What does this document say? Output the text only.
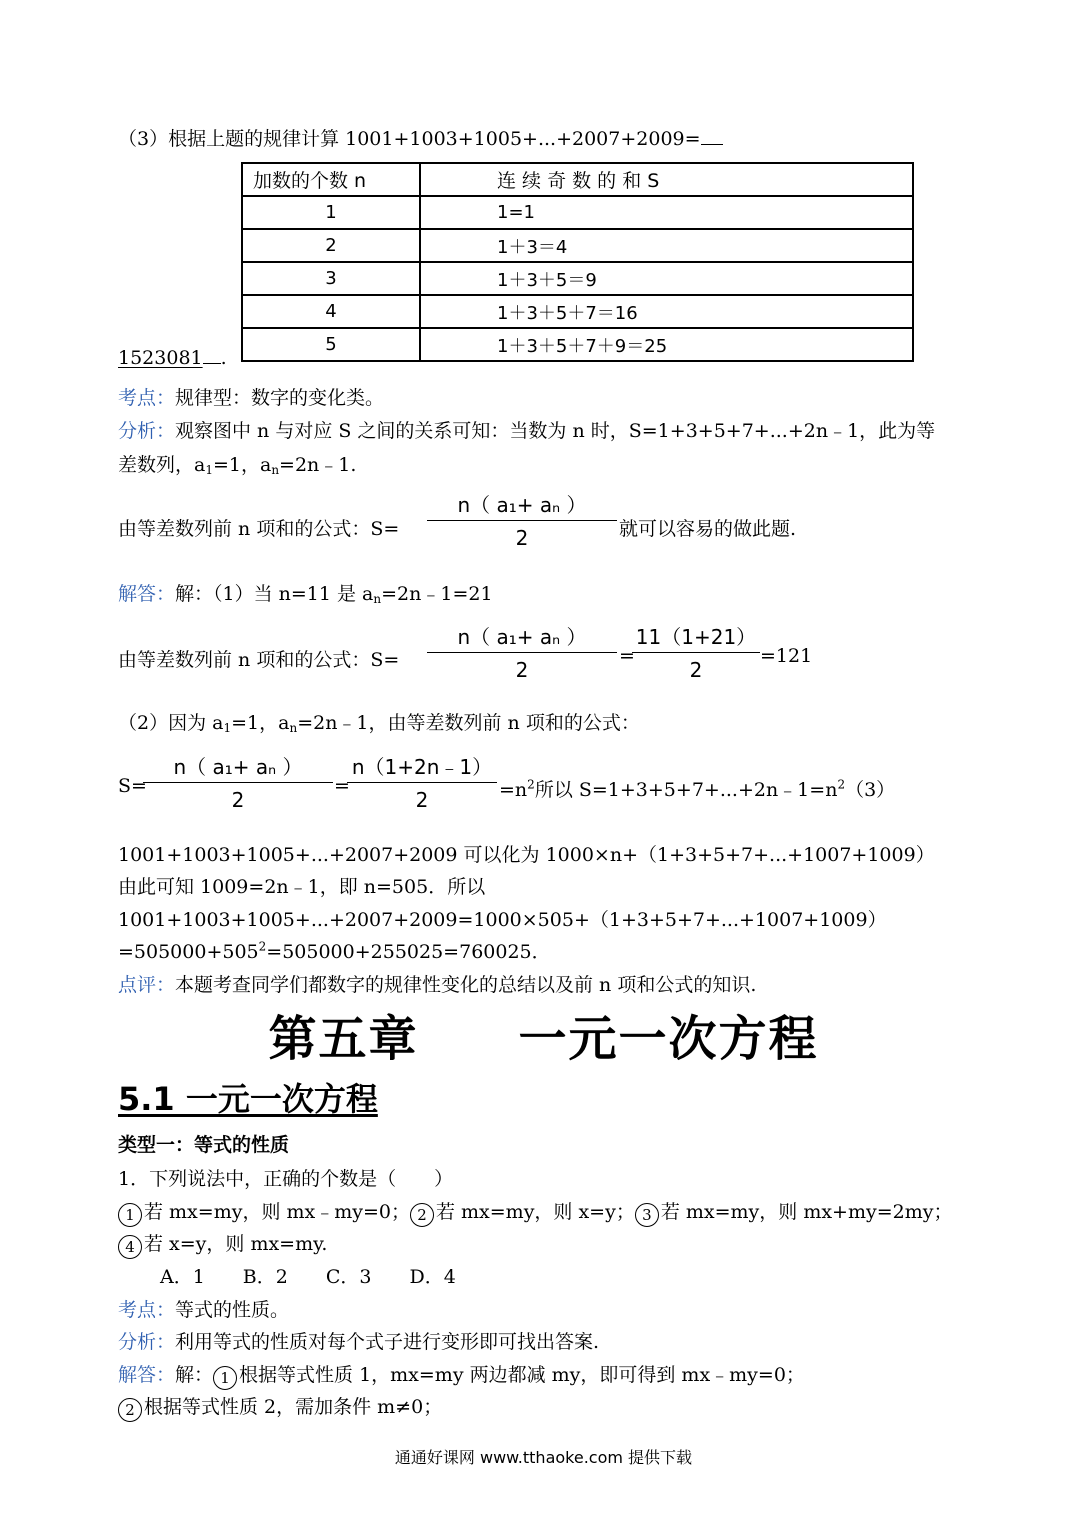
（3）根据上题的规律计算 1001+1003+1005+...+2007+2009=
加数的个数 n	连 续 奇 数 的 和 S
1	1=1
2	1＋3＝4
3	1＋3＋5＝9
4	1＋3＋5＋7＝16
5	1＋3＋5＋7＋9＝25
1523081 .
考点：规律型：数字的变化类。
分析：观察图中 n 与对应 S 之间的关系可知：当数为 n 时，S=1+3+5+7+...+2n﹣1，此为等
差数列，$a_1=1$，$a_n=2n﹣1$.
由等差数列前 n 项和的公式：S=
n（ a₁+ aₙ ）
2	就可以容易的做此题.
解答：解：（1）当 n=11 是 $a_n=2n﹣1=21$
由等差数列前 n 项和的公式：S=
n（ a₁+ aₙ ）
2
=
11（1+21）
2
=121
（2）因为 $a_1=1$，$a_n=2n﹣1$，由等差数列前 n 项和的公式：
S=
n（ a₁+ aₙ ）
2
=
n（1+2n﹣1）
2	$=n^2$所以 $S=1+3+5+7+...+2n﹣1=n^2(3)$
1001+1003+1005+...+2007+2009 可以化为 1000×n+（1+3+5+7+...+1007+1009）
由此可知 1009=2n﹣1，即 n=505．所以
1001+1003+1005+...+2007+2009=1000×505+（1+3+5+7+...+1007+1009）
$=505000+505^2=505000+255025=760025$．
点评：本题考查同学们都数字的规律性变化的总结以及前 n 项和公式的知识.
第五章　　一元一次方程
5.1 一元一次方程
类型一：等式的性质
1．下列说法中，正确的个数是（　　）
1 若 mx=my，则 mx﹣my=0； 2 若 mx=my，则 x=y； 3 若 mx=my，则 mx+my=2my；
4 若 x=y，则 mx=my.
A．1　　B．2　　C．3　　D．4
考点：等式的性质。
分析：利用等式的性质对每个式子进行变形即可找出答案.
解答：解： 1 根据等式性质 1，mx=my 两边都减 my，即可得到 mx﹣my=0；
2 根据等式性质 2，需加条件 m≠0；
通通好课网 www.tthaoke.com 提供下载
